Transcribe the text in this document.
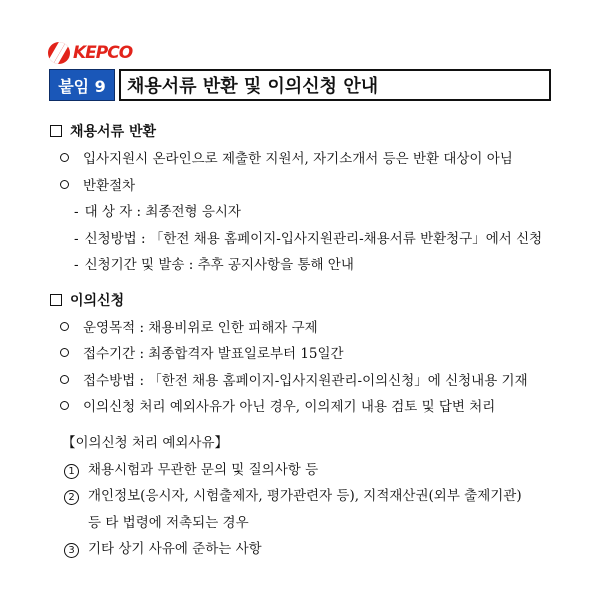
KEPCO
붙임 9	채용서류 반환 및 이의신청 안내
채용서류 반환
입사지원시 온라인으로 제출한 지원서, 자기소개서 등은 반환 대상이 아님
반환절차
- 대 상 자 : 최종전형 응시자
- 신청방법 : 「한전 채용 홈페이지-입사지원관리-채용서류 반환청구」에서 신청
- 신청기간 및 발송 : 추후 공지사항을 통해 안내
이의신청
운영목적 : 채용비위로 인한 피해자 구제
접수기간 : 최종합격자 발표일로부터 15일간
접수방법 : 「한전 채용 홈페이지-입사지원관리-이의신청」에 신청내용 기재
이의신청 처리 예외사유가 아닌 경우, 이의제기 내용 검토 및 답변 처리
【이의신청 처리 예외사유】
1 채용시험과 무관한 문의 및 질의사항 등
2 개인정보(응시자, 시험출제자, 평가관련자 등), 지적재산권(외부 출제기관)
등 타 법령에 저촉되는 경우
3 기타 상기 사유에 준하는 사항
